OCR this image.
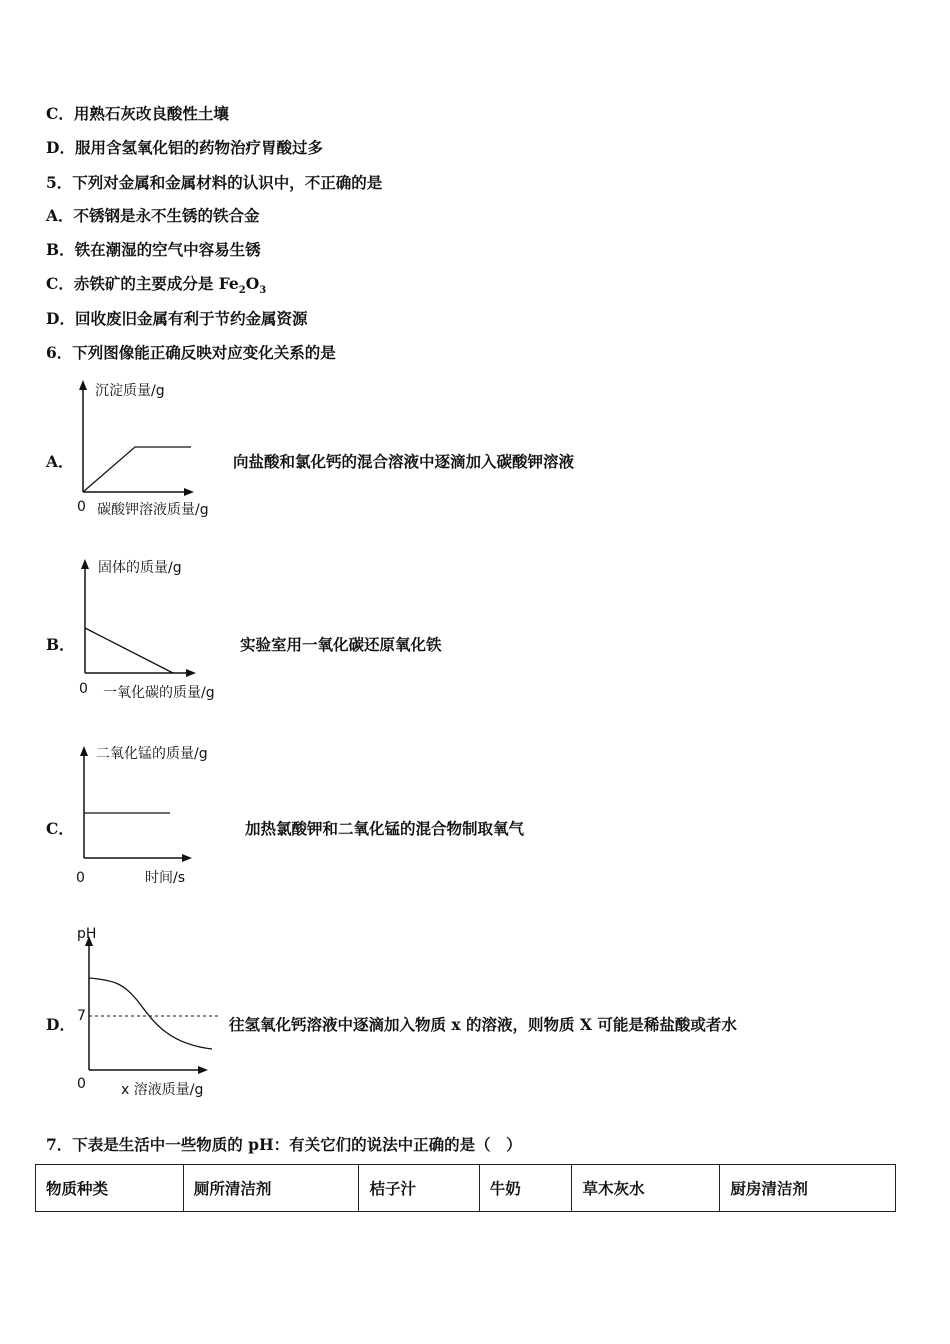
C．用熟石灰改良酸性土壤
D．服用含氢氧化铝的药物治疗胃酸过多
5．下列对金属和金属材料的认识中，不正确的是
A．不锈钢是永不生锈的铁合金
B．铁在潮湿的空气中容易生锈
C．赤铁矿的主要成分是 $Fe_2O_3$
D．回收废旧金属有利于节约金属资源
6．下列图像能正确反映对应变化关系的是
A．
沉淀质量/g
0 碳酸钾溶液质量/g
向盐酸和氯化钙的混合溶液中逐滴加入碳酸钾溶液
B．
固体的质量/g
0 一氧化碳的质量/g
实验室用一氧化碳还原氧化铁
C．
二氧化锰的质量/g
0	时间/s
加热氯酸钾和二氧化锰的混合物制取氧气
D．
pH
7
0	x 溶液质量/g
往氢氧化钙溶液中逐滴加入物质 x 的溶液，则物质 X 可能是稀盐酸或者水
7．下表是生活中一些物质的 pH：有关它们的说法中正确的是（　）
物质种类	厕所清洁剂	桔子汁	牛奶	草木灰水	厨房清洁剂
